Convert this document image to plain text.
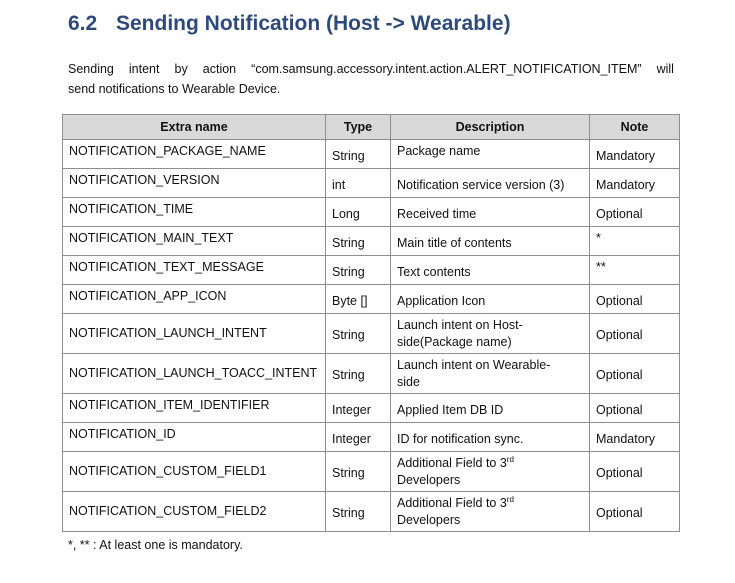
6.2 Sending Notification (Host -> Wearable)
Sending intent by action “com.samsung.accessory.intent.action.ALERT_NOTIFICATION_ITEM” will
send notifications to Wearable Device.
Extra name	Type	Description	Note
NOTIFICATION_PACKAGE_NAME	String	Package name	Mandatory
NOTIFICATION_VERSION	int	Notification service version (3)	Mandatory
NOTIFICATION_TIME	Long	Received time	Optional
NOTIFICATION_MAIN_TEXT	String	Main title of contents	*
NOTIFICATION_TEXT_MESSAGE	String	Text contents	**
NOTIFICATION_APP_ICON	Byte []	Application Icon	Optional
NOTIFICATION_LAUNCH_INTENT	String	Launch intent on Host-
side(Package name)	Optional
NOTIFICATION_LAUNCH_TOACC_INTENT	String	Launch intent on Wearable-
side	Optional
NOTIFICATION_ITEM_IDENTIFIER	Integer	Applied Item DB ID	Optional
NOTIFICATION_ID	Integer	ID for notification sync.	Mandatory
NOTIFICATION_CUSTOM_FIELD1	String	Additional Field to 3rd
Developers	Optional
NOTIFICATION_CUSTOM_FIELD2	String	Additional Field to 3rd
Developers	Optional
*, ** : At least one is mandatory.
